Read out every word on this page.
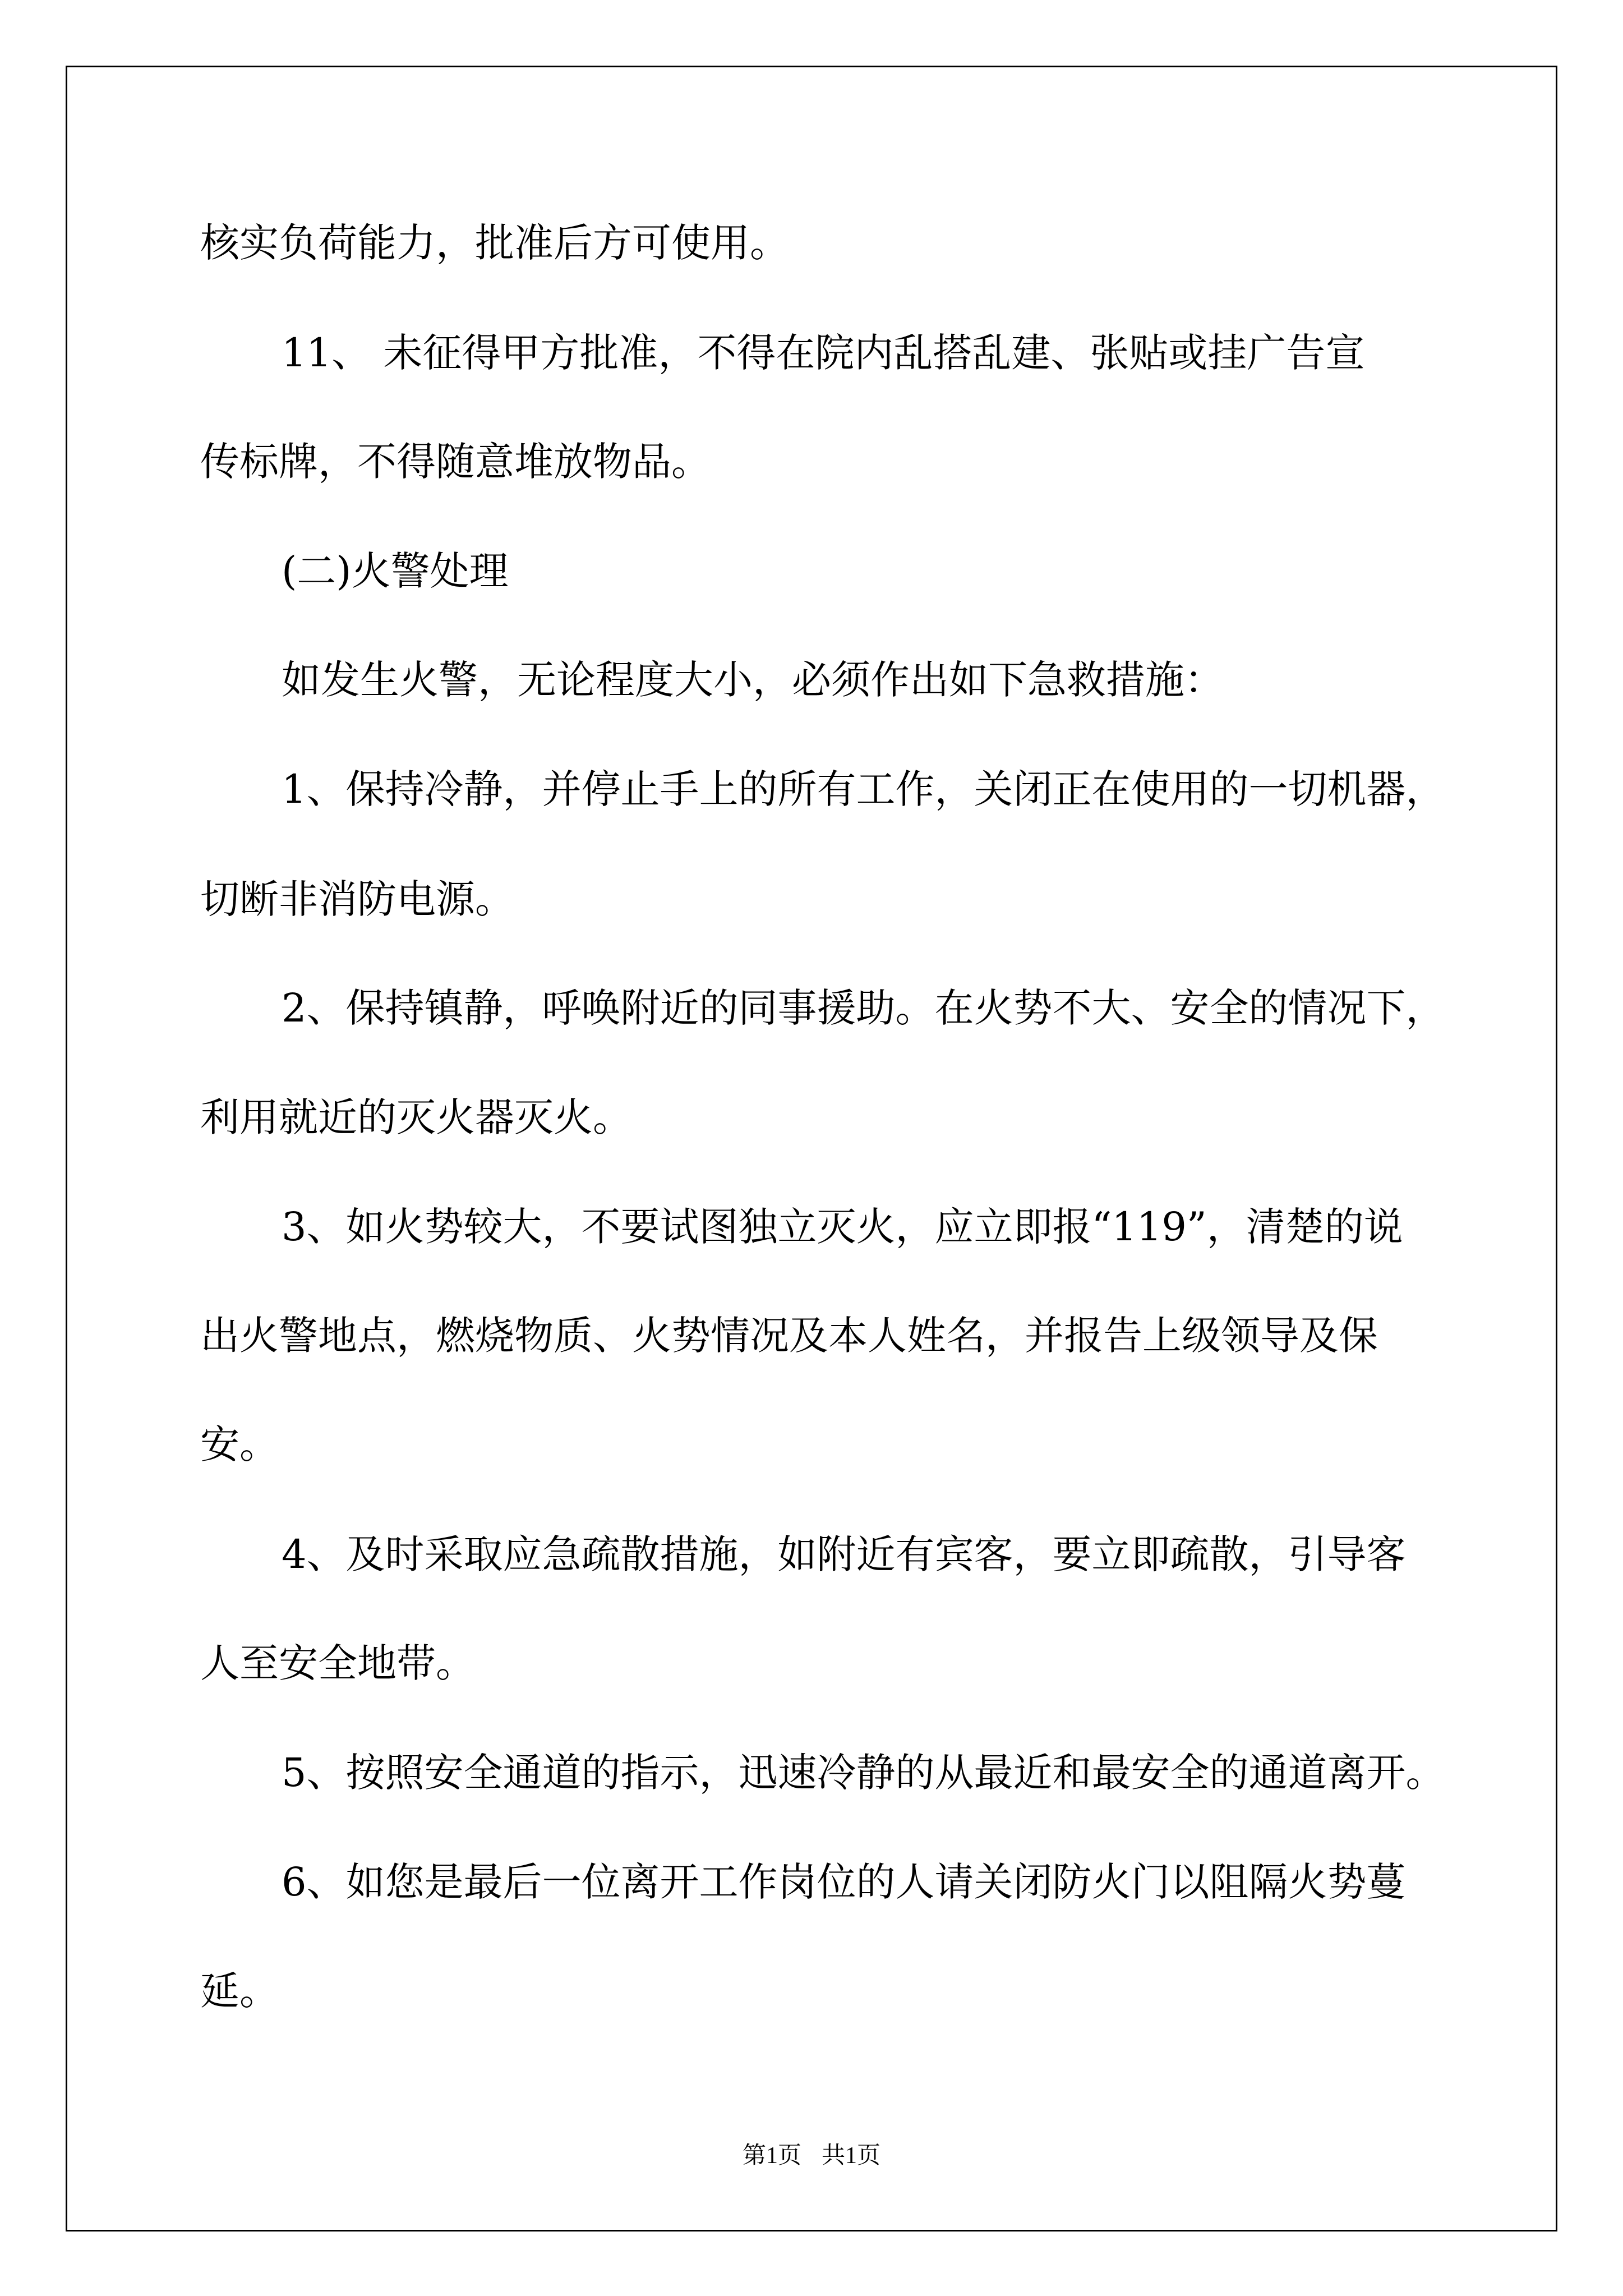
核实负荷能力，批准后方可使用。
11、 未征得甲方批准，不得在院内乱搭乱建、张贴或挂广告宣
传标牌，不得随意堆放物品。
(二)火警处理
如发生火警，无论程度大小，必须作出如下急救措施：
1、保持冷静，并停止手上的所有工作，关闭正在使用的一切机器，
切断非消防电源。
2、保持镇静，呼唤附近的同事援助。在火势不大、安全的情况下，
利用就近的灭火器灭火。
3、如火势较大，不要试图独立灭火，应立即报“119”，清楚的说
出火警地点，燃烧物质、火势情况及本人姓名，并报告上级领导及保
安。
4、及时采取应急疏散措施，如附近有宾客，要立即疏散，引导客
人至安全地带。
5、按照安全通道的指示，迅速冷静的从最近和最安全的通道离开。
6、如您是最后一位离开工作岗位的人请关闭防火门以阻隔火势蔓
延。
第1页 共1页
